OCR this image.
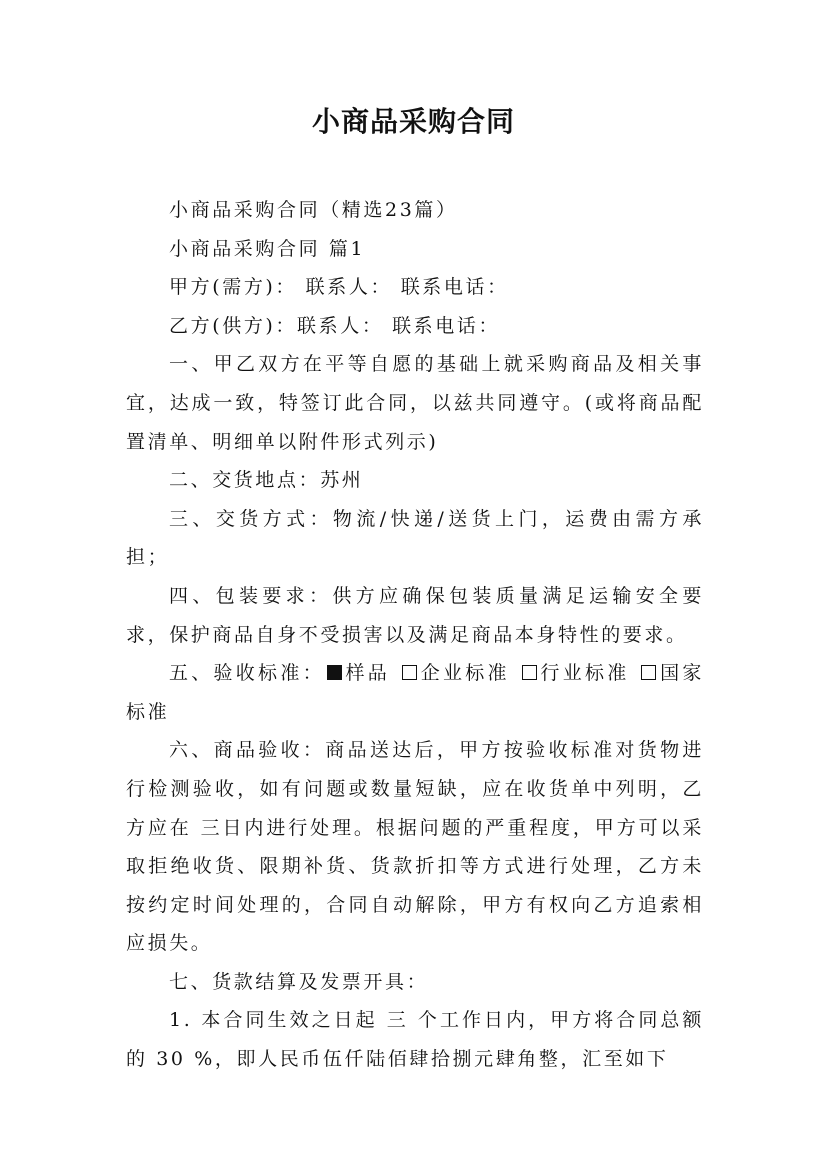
小商品采购合同

小商品采购合同（精选23篇）

小商品采购合同 篇1

甲方(需方)： 联系人： 联系电话：

乙方(供方)：联系人： 联系电话：

一、甲乙双方在平等自愿的基础上就采购商品及相关事宜，达成一致，特签订此合同，以兹共同遵守。(或将商品配置清单、明细单以附件形式列示)

二、交货地点：苏州

三、交货方式：物流/快递/送货上门，运费由需方承担；

四、包装要求：供方应确保包装质量满足运输安全要求，保护商品自身不受损害以及满足商品本身特性的要求。

五、验收标准： 样品 企业标准 行业标准 国家标准

六、商品验收：商品送达后，甲方按验收标准对货物进行检测验收，如有问题或数量短缺，应在收货单中列明，乙方应在 三日内进行处理。根据问题的严重程度，甲方可以采取拒绝收货、限期补货、货款折扣等方式进行处理，乙方未按约定时间处理的，合同自动解除，甲方有权向乙方追索相应损失。

七、货款结算及发票开具：

1. 本合同生效之日起 三 个工作日内，甲方将合同总额的 30 %，即人民币伍仟陆佰肆拾捌元肆角整，汇至如下
